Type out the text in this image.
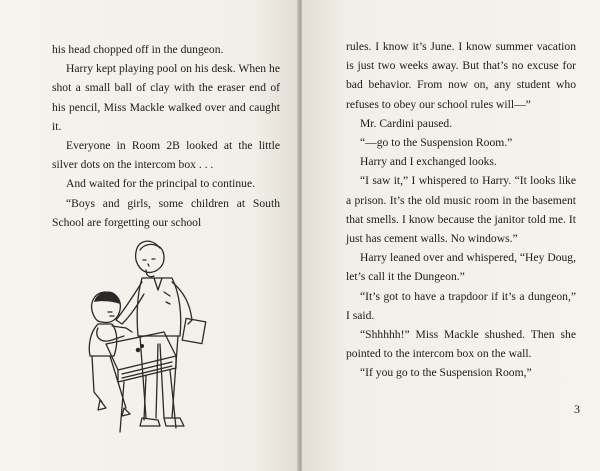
his head chopped off in the dungeon.

Harry kept playing pool on his desk. When he shot a small ball of clay with the eraser end of his pencil, Miss Mackle walked over and caught it.

Everyone in Room 2B looked at the little silver dots on the intercom box . . .

And waited for the principal to continue.

“Boys and girls, some children at South School are forgetting our school

rules. I know it’s June. I know summer vacation is just two weeks away. But that’s no excuse for bad behavior. From now on, any student who refuses to obey our school rules will—”

Mr. Cardini paused.

“—go to the Suspension Room.”

Harry and I exchanged looks.

“I saw it,” I whispered to Harry. “It looks like a prison. It’s the old music room in the basement that smells. I know because the janitor told me. It just has cement walls. No windows.”

Harry leaned over and whispered, “Hey Doug, let’s call it the Dungeon.”

“It’s got to have a trapdoor if it’s a dungeon,” I said.

“Shhhhh!” Miss Mackle shushed. Then she pointed to the intercom box on the wall.

“If you go to the Suspension Room,”

3
